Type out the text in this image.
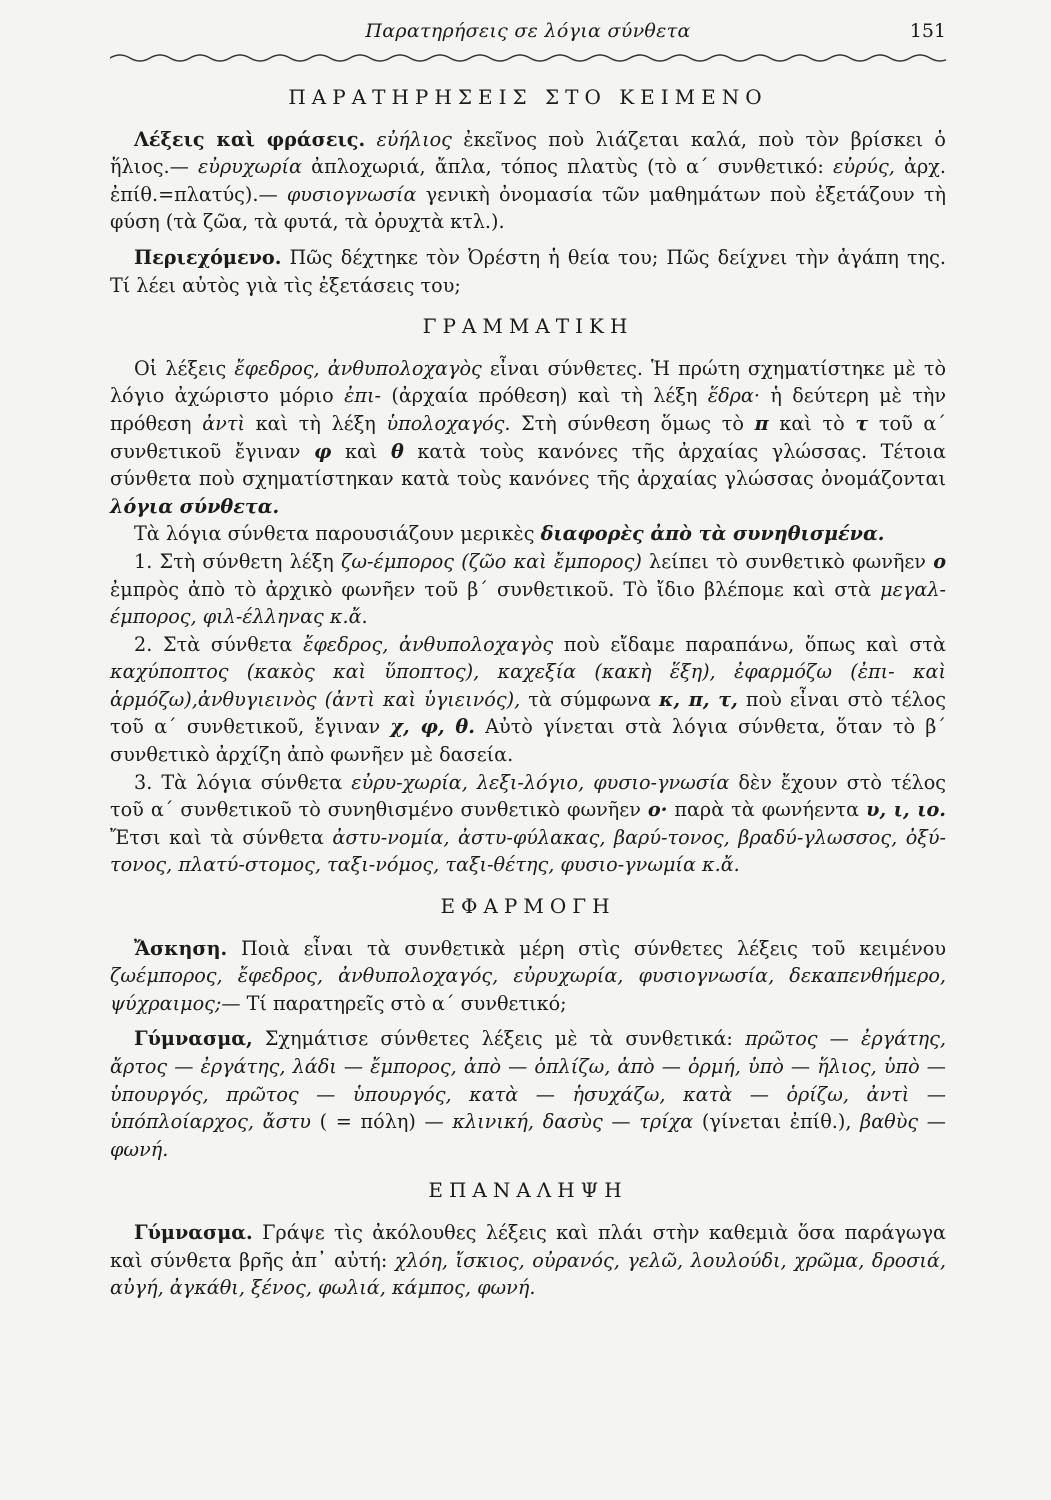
Παρατηρήσεις σε λόγια σύνθετα	151
ΠΑΡΑΤΗΡΗΣΕΙΣ ΣΤΟ ΚΕΙΜΕΝΟ

Λέξεις καὶ φράσεις. εὐήλιος ἐκεῖνος ποὺ λιάζεται καλά, ποὺ τὸν βρίσκει ὁ ἥλιος.— εὐρυχωρία ἀπλοχωριά, ἄπλα, τόπος πλατὺς (τὸ α΄ συνθετικό: εὐρύς, ἀρχ. ἐπίθ.=πλατύς).— φυσιογνωσία γενικὴ ὀνομασία τῶν μαθημάτων ποὺ ἐξετάζουν τὴ φύση (τὰ ζῶα, τὰ φυτά, τὰ ὀρυχτὰ κτλ.).

Περιεχόμενο. Πῶς δέχτηκε τὸν Ὀρέστη ἡ θεία του; Πῶς δείχνει τὴν ἀγάπη της. Τί λέει αὐτὸς γιὰ τὶς ἐξετάσεις του;

ΓΡΑΜΜΑΤΙΚΗ

Οἱ λέξεις ἔφεδρος, ἀνθυπολοχαγὸς εἶναι σύνθετες. Ἡ πρώτη σχηματίστηκε μὲ τὸ λόγιο ἀχώριστο μόριο ἐπι- (ἀρχαία πρόθεση) καὶ τὴ λέξη ἕδρα· ἡ δεύτερη μὲ τὴν πρόθεση ἀντὶ καὶ τὴ λέξη ὑπολοχαγός. Στὴ σύνθεση ὅμως τὸ π καὶ τὸ τ τοῦ α΄ συνθετικοῦ ἔγιναν φ καὶ θ κατὰ τοὺς κανόνες τῆς ἀρχαίας γλώσσας. Τέτοια σύνθετα ποὺ σχηματίστηκαν κατὰ τοὺς κανόνες τῆς ἀρχαίας γλώσσας ὀνομάζονται λόγια σύνθετα.

Τὰ λόγια σύνθετα παρουσιάζουν μερικὲς διαφορὲς ἀπὸ τὰ συνηθισμένα.

1. Στὴ σύνθετη λέξη ζω-έμπορος (ζῶο καὶ ἔμπορος) λείπει τὸ συνθετικὸ φωνῆεν ο ἐμπρὸς ἀπὸ τὸ ἀρχικὸ φωνῆεν τοῦ β΄ συνθετικοῦ. Τὸ ἴδιο βλέπομε καὶ στὰ μεγαλ-έμπορος, φιλ-έλληνας κ.ἄ.

2. Στὰ σύνθετα ἔφεδρος, ἀνθυπολοχαγὸς ποὺ εἴδαμε παραπάνω, ὅπως καὶ στὰ καχύποπτος (κακὸς καὶ ὕποπτος), καχεξία (κακὴ ἕξη), ἐφαρμόζω (ἐπι- καὶ ἁρμόζω),ἀνθυγιεινὸς (ἀντὶ καὶ ὑγιεινός), τὰ σύμφωνα κ, π, τ, ποὺ εἶναι στὸ τέλος τοῦ α΄ συνθετικοῦ, ἔγιναν χ, φ, θ. Αὐτὸ γίνεται στὰ λόγια σύνθετα, ὅταν τὸ β΄ συνθετικὸ ἀρχίζη ἀπὸ φωνῆεν μὲ δασεία.

3. Τὰ λόγια σύνθετα εὐρυ-χωρία, λεξι-λόγιο, φυσιο-γνωσία δὲν ἔχουν στὸ τέλος τοῦ α΄ συνθετικοῦ τὸ συνηθισμένο συνθετικὸ φωνῆεν ο· παρὰ τὰ φωνήεντα υ, ι, ιο. Ἔτσι καὶ τὰ σύνθετα ἀστυ-νομία, ἀστυ-φύλακας, βαρύ-τονος, βραδύ-γλωσσος, ὀξύ-τονος, πλατύ-στομος, ταξι-νόμος, ταξι-θέτης, φυσιο-γνωμία κ.ἄ.

ΕΦΑΡΜΟΓΗ

Ἄσκηση. Ποιὰ εἶναι τὰ συνθετικὰ μέρη στὶς σύνθετες λέξεις τοῦ κειμένου ζωέμπορος, ἔφεδρος, ἀνθυπολοχαγός, εὐρυχωρία, φυσιογνωσία, δεκαπενθήμερο, ψύχραιμος;— Τί παρατηρεῖς στὸ α΄ συνθετικό;

Γύμνασμα, Σχημάτισε σύνθετες λέξεις μὲ τὰ συνθετικά: πρῶτος — ἐργάτης, ἄρτος — ἐργάτης, λάδι — ἔμπορος, ἀπὸ — ὁπλίζω, ἀπὸ — ὁρμή, ὑπὸ — ἥλιος, ὑπὸ — ὑπουργός, πρῶτος — ὑπουργός, κατὰ — ἡσυχάζω, κατὰ — ὁρίζω, ἀντὶ — ὑπόπλοίαρχος, ἄστυ ( = πόλη) — κλινική, δασὺς — τρίχα (γίνεται ἐπίθ.), βαθὺς — φωνή.

ΕΠΑΝΑΛΗΨΗ

Γύμνασμα. Γράψε τὶς ἀκόλουθες λέξεις καὶ πλάι στὴν καθεμιὰ ὅσα παράγωγα καὶ σύνθετα βρῆς ἀπ᾿ αὐτή: χλόη, ἴσκιος, οὐρανός, γελῶ, λουλούδι, χρῶμα, δροσιά, αὐγή, ἀγκάθι, ξένος, φωλιά, κάμπος, φωνή.
